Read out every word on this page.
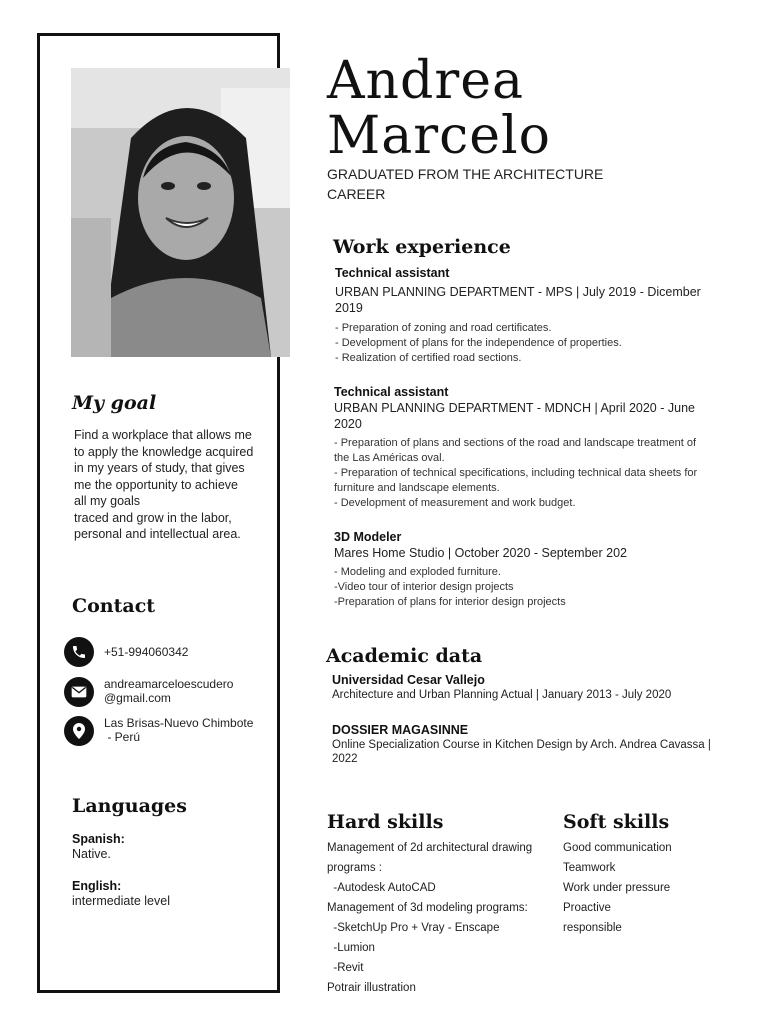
Andrea
Marcelo
GRADUATED FROM THE ARCHITECTURE
CAREER
My goal
Find a workplace that allows me
to apply the knowledge acquired
in my years of study, that gives
me the opportunity to achieve
all my goals
traced and grow in the labor,
personal and intellectual area.
Contact
+51-994060342
andreamarceloescudero
@gmail.com
Las Brisas-Nuevo Chimbote
- Perú
Languages
Spanish:
Native.
English:
intermediate level
Work experience
Technical assistant
URBAN PLANNING DEPARTMENT - MPS | July 2019 - Dicember
2019
- Preparation of zoning and road certificates.
- Development of plans for the independence of properties.
- Realization of certified road sections.
Technical assistant
URBAN PLANNING DEPARTMENT - MDNCH | April 2020 - June
2020
- Preparation of plans and sections of the road and landscape treatment of
the Las Américas oval.
- Preparation of technical specifications, including technical data sheets for
furniture and landscape elements.
- Development of measurement and work budget.
3D Modeler
Mares Home Studio | October 2020 - September 202
- Modeling and exploded furniture.
-Video tour of interior design projects
-Preparation of plans for interior design projects
Academic data
Universidad Cesar Vallejo
Architecture and Urban Planning Actual | January 2013 - July 2020
DOSSIER MAGASINNE
Online Specialization Course in Kitchen Design by Arch. Andrea Cavassa |
2022
Hard skills
Management of 2d architectural drawing
programs :
-Autodesk AutoCAD
Management of 3d modeling programs:
-SketchUp Pro + Vray - Enscape
-Lumion
-Revit
Potrair illustration
Soft skills
Good communication
Teamwork
Work under pressure
Proactive
responsible
